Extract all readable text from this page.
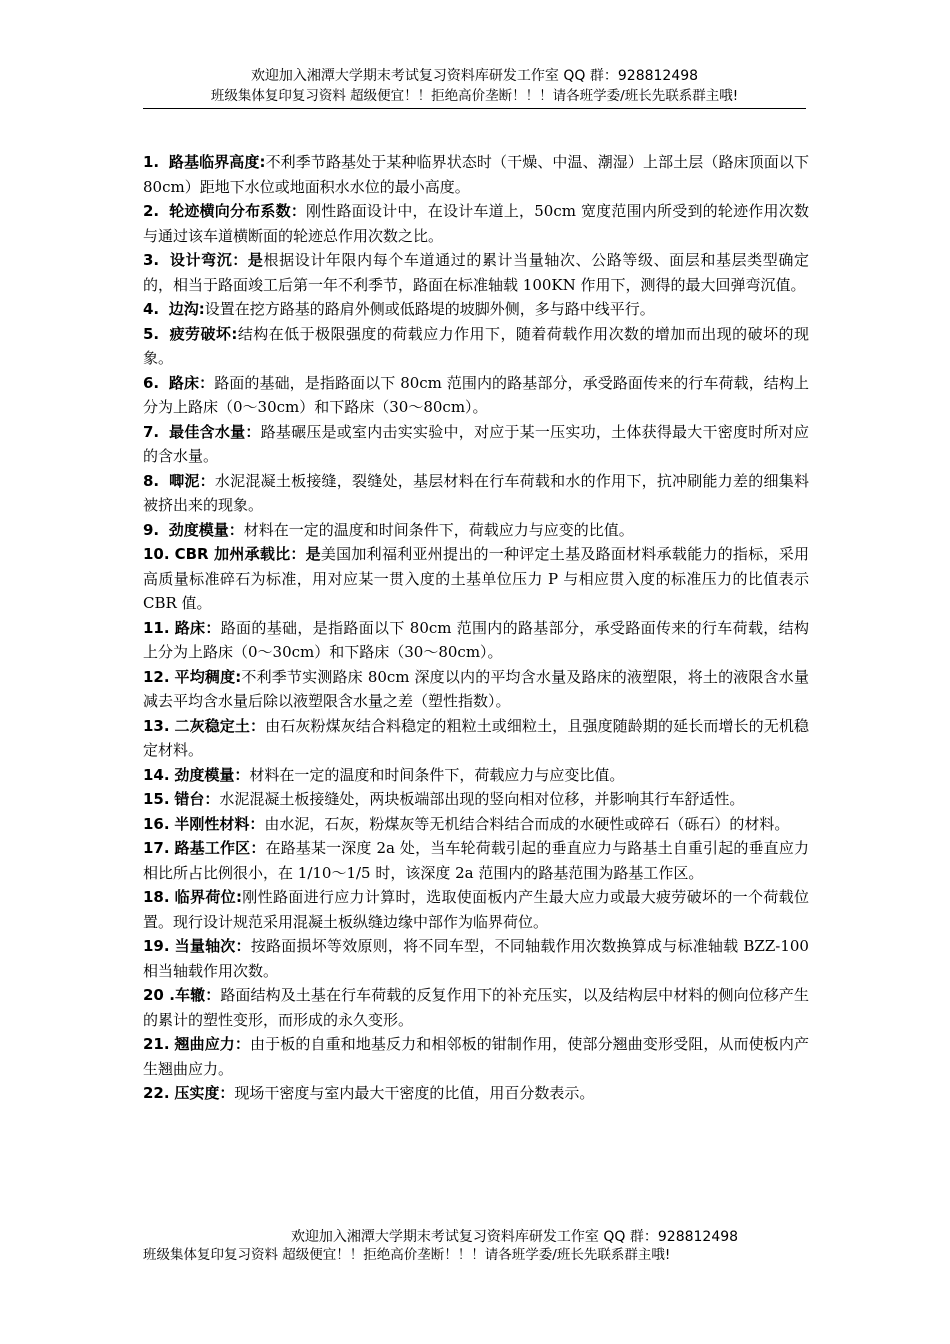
欢迎加入湘潭大学期末考试复习资料库研发工作室 QQ 群：928812498
班级集体复印复习资料 超级便宜！！拒绝高价垄断！！！请各班学委/班长先联系群主哦!

1. 路基临界高度:不利季节路基处于某种临界状态时（干燥、中温、潮湿）上部土层（路床顶面以下 80cm）距地下水位或地面积水水位的最小高度。

2. 轮迹横向分布系数：刚性路面设计中，在设计车道上，50cm 宽度范围内所受到的轮迹作用次数与通过该车道横断面的轮迹总作用次数之比。

3. 设计弯沉：是根据设计年限内每个车道通过的累计当量轴次、公路等级、面层和基层类型确定的，相当于路面竣工后第一年不利季节，路面在标准轴载 100KN 作用下，测得的最大回弹弯沉值。

4. 边沟:设置在挖方路基的路肩外侧或低路堤的坡脚外侧，多与路中线平行。

5. 疲劳破坏:结构在低于极限强度的荷载应力作用下，随着荷载作用次数的增加而出现的破坏的现象。

6. 路床：路面的基础，是指路面以下 80cm 范围内的路基部分，承受路面传来的行车荷载，结构上分为上路床（0～30cm）和下路床（30～80cm）。

7. 最佳含水量：路基碾压是或室内击实实验中，对应于某一压实功，土体获得最大干密度时所对应的含水量。

8. 唧泥：水泥混凝土板接缝，裂缝处，基层材料在行车荷载和水的作用下，抗冲刷能力差的细集料被挤出来的现象。

9. 劲度模量：材料在一定的温度和时间条件下，荷载应力与应变的比值。

10. CBR 加州承载比：是美国加利福利亚州提出的一种评定土基及路面材料承载能力的指标，采用高质量标准碎石为标准，用对应某一贯入度的土基单位压力 P 与相应贯入度的标准压力的比值表示 CBR 值。

11. 路床：路面的基础，是指路面以下 80cm 范围内的路基部分，承受路面传来的行车荷载，结构上分为上路床（0～30cm）和下路床（30～80cm）。

12. 平均稠度:不利季节实测路床 80cm 深度以内的平均含水量及路床的液塑限，将土的液限含水量减去平均含水量后除以液塑限含水量之差（塑性指数）。

13. 二灰稳定土：由石灰粉煤灰结合料稳定的粗粒土或细粒土，且强度随龄期的延长而增长的无机稳定材料。

14. 劲度模量：材料在一定的温度和时间条件下，荷载应力与应变比值。

15. 错台：水泥混凝土板接缝处，两块板端部出现的竖向相对位移，并影响其行车舒适性。

16. 半刚性材料：由水泥，石灰，粉煤灰等无机结合料结合而成的水硬性或碎石（砾石）的材料。

17. 路基工作区：在路基某一深度 2a 处，当车轮荷载引起的垂直应力与路基土自重引起的垂直应力相比所占比例很小，在 1/10～1/5 时，该深度 2a 范围内的路基范围为路基工作区。

18. 临界荷位:刚性路面进行应力计算时，选取使面板内产生最大应力或最大疲劳破坏的一个荷载位置。现行设计规范采用混凝土板纵缝边缘中部作为临界荷位。

19. 当量轴次：按路面损坏等效原则，将不同车型，不同轴载作用次数换算成与标准轴载 BZZ-100 相当轴载作用次数。

20 .车辙：路面结构及土基在行车荷载的反复作用下的补充压实，以及结构层中材料的侧向位移产生的累计的塑性变形，而形成的永久变形。

21. 翘曲应力：由于板的自重和地基反力和相邻板的钳制作用，使部分翘曲变形受阻，从而使板内产生翘曲应力。

22. 压实度：现场干密度与室内最大干密度的比值，用百分数表示。

欢迎加入湘潭大学期末考试复习资料库研发工作室 QQ 群：928812498
班级集体复印复习资料 超级便宜！！拒绝高价垄断！！！请各班学委/班长先联系群主哦!
